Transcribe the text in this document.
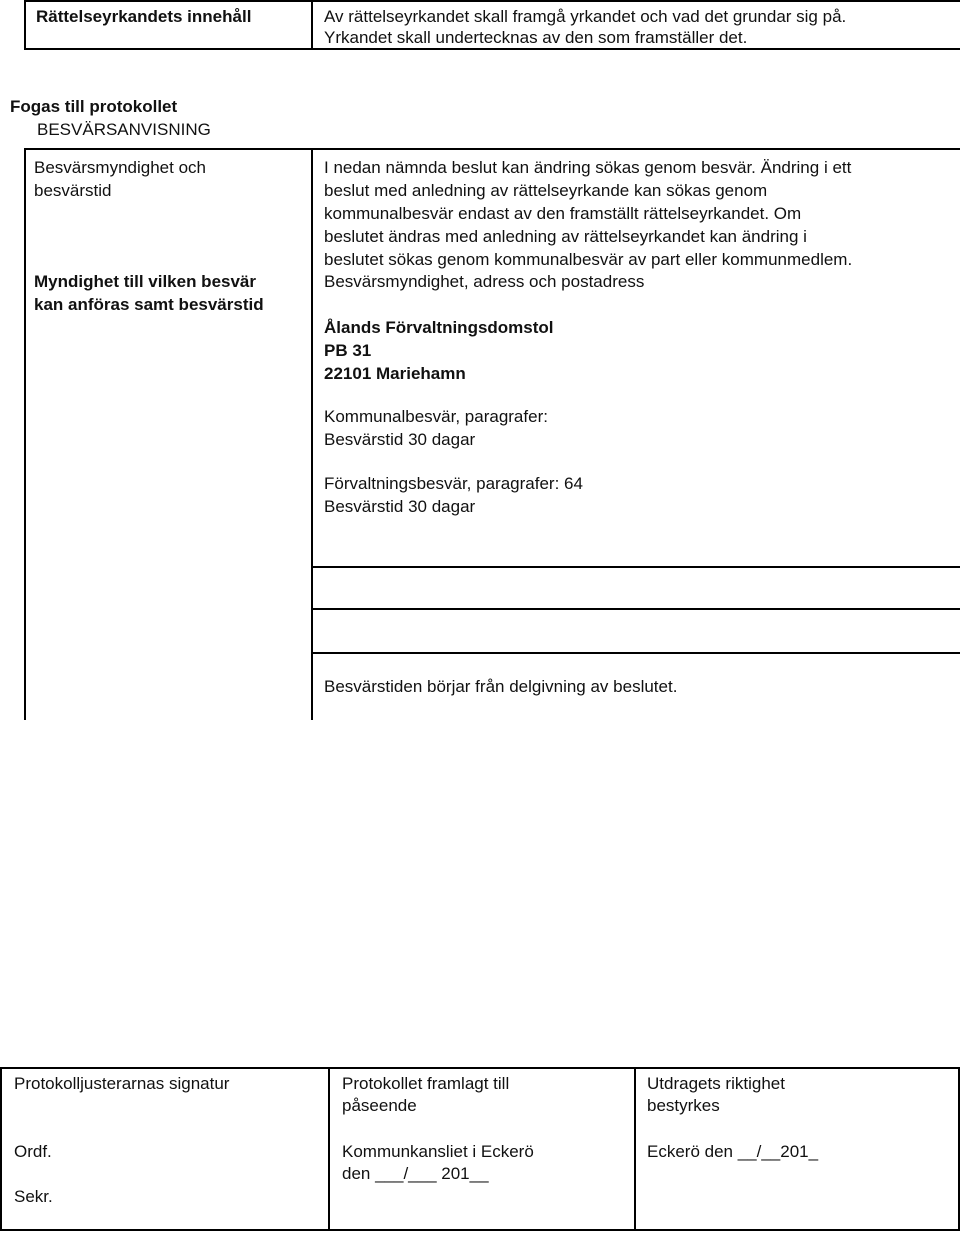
Rättelseyrkandets innehåll	Av rättelseyrkandet skall framgå yrkandet och vad det grundar sig på.
Yrkandet skall undertecknas av den som framställer det.
Fogas till protokollet
BESVÄRSANVISNING
Besvärsmyndighet och
besvärstid
Myndighet till vilken besvär
kan anföras samt besvärstid
I nedan nämnda beslut kan ändring sökas genom besvär. Ändring i ett
beslut med anledning av rättelseyrkande kan sökas genom
kommunalbesvär endast av den framställt rättelseyrkandet. Om
beslutet ändras med anledning av rättelseyrkandet kan ändring i
beslutet sökas genom kommunalbesvär av part eller kommunmedlem.
Besvärsmyndighet, adress och postadress
Ålands Förvaltningsdomstol
PB 31
22101 Mariehamn
Kommunalbesvär, paragrafer:
Besvärstid 30 dagar
Förvaltningsbesvär, paragrafer: 64
Besvärstid 30 dagar
Besvärstiden börjar från delgivning av beslutet.
Protokolljusterarnas signatur
Ordf.
Sekr.
Protokollet framlagt till
påseende
Kommunkansliet i Eckerö
den ___/___ 201__
Utdragets riktighet
bestyrkes
Eckerö den __/__201_
